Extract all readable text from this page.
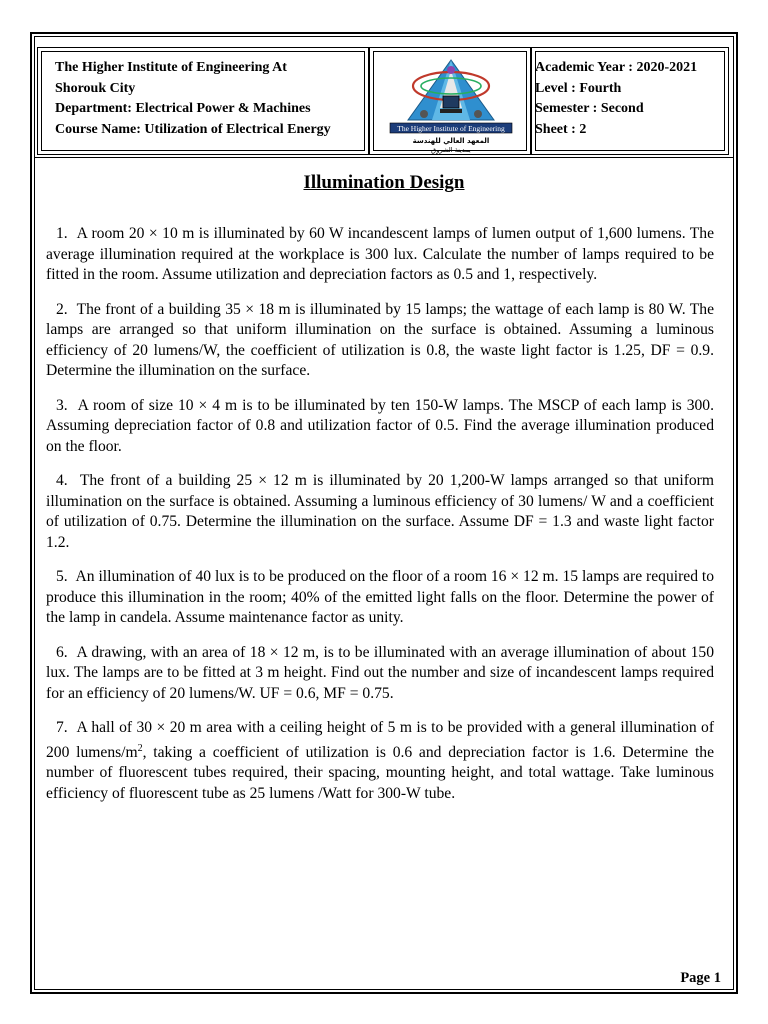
The Higher Institute of Engineering At
Shorouk City
Department: Electrical Power & Machines
Course Name: Utilization of Electrical Energy	The Higher Institute of Engineering
المعهد العالي للهندسة
بمدينة الشروق
Academic Year : 2020-2021
Level : Fourth
Semester : Second
Sheet : 2
Illumination Design

1. A room 20 × 10 m is illuminated by 60 W incandescent lamps of lumen output of 1,600 lumens. The average illumination required at the workplace is 300 lux. Calculate the number of lamps required to be fitted in the room. Assume utilization and depreciation factors as 0.5 and 1, respectively.

2. The front of a building 35 × 18 m is illuminated by 15 lamps; the wattage of each lamp is 80 W. The lamps are arranged so that uniform illumination on the surface is obtained. Assuming a luminous efficiency of 20 lumens/W, the coefficient of utilization is 0.8, the waste light factor is 1.25, DF = 0.9. Determine the illumination on the surface.

3. A room of size 10 × 4 m is to be illuminated by ten 150-W lamps. The MSCP of each lamp is 300. Assuming depreciation factor of 0.8 and utilization factor of 0.5. Find the average illumination produced on the floor.

4. The front of a building 25 × 12 m is illuminated by 20 1,200-W lamps arranged so that uniform illumination on the surface is obtained. Assuming a luminous efficiency of 30 lumens/ W and a coefficient of utilization of 0.75. Determine the illumination on the surface. Assume DF = 1.3 and waste light factor 1.2.

5. An illumination of 40 lux is to be produced on the floor of a room 16 × 12 m. 15 lamps are required to produce this illumination in the room; 40% of the emitted light falls on the floor. Determine the power of the lamp in candela. Assume maintenance factor as unity.

6. A drawing, with an area of 18 × 12 m, is to be illuminated with an average illumination of about 150 lux. The lamps are to be fitted at 3 m height. Find out the number and size of incandescent lamps required for an efficiency of 20 lumens/W. UF = 0.6, MF = 0.75.

7. A hall of 30 × 20 m area with a ceiling height of 5 m is to be provided with a general illumination of 200 lumens/$m^2$, taking a coefficient of utilization is 0.6 and depreciation factor is 1.6. Determine the number of fluorescent tubes required, their spacing, mounting height, and total wattage. Take luminous efficiency of fluorescent tube as 25 lumens /Watt for 300-W tube.

Page 1
